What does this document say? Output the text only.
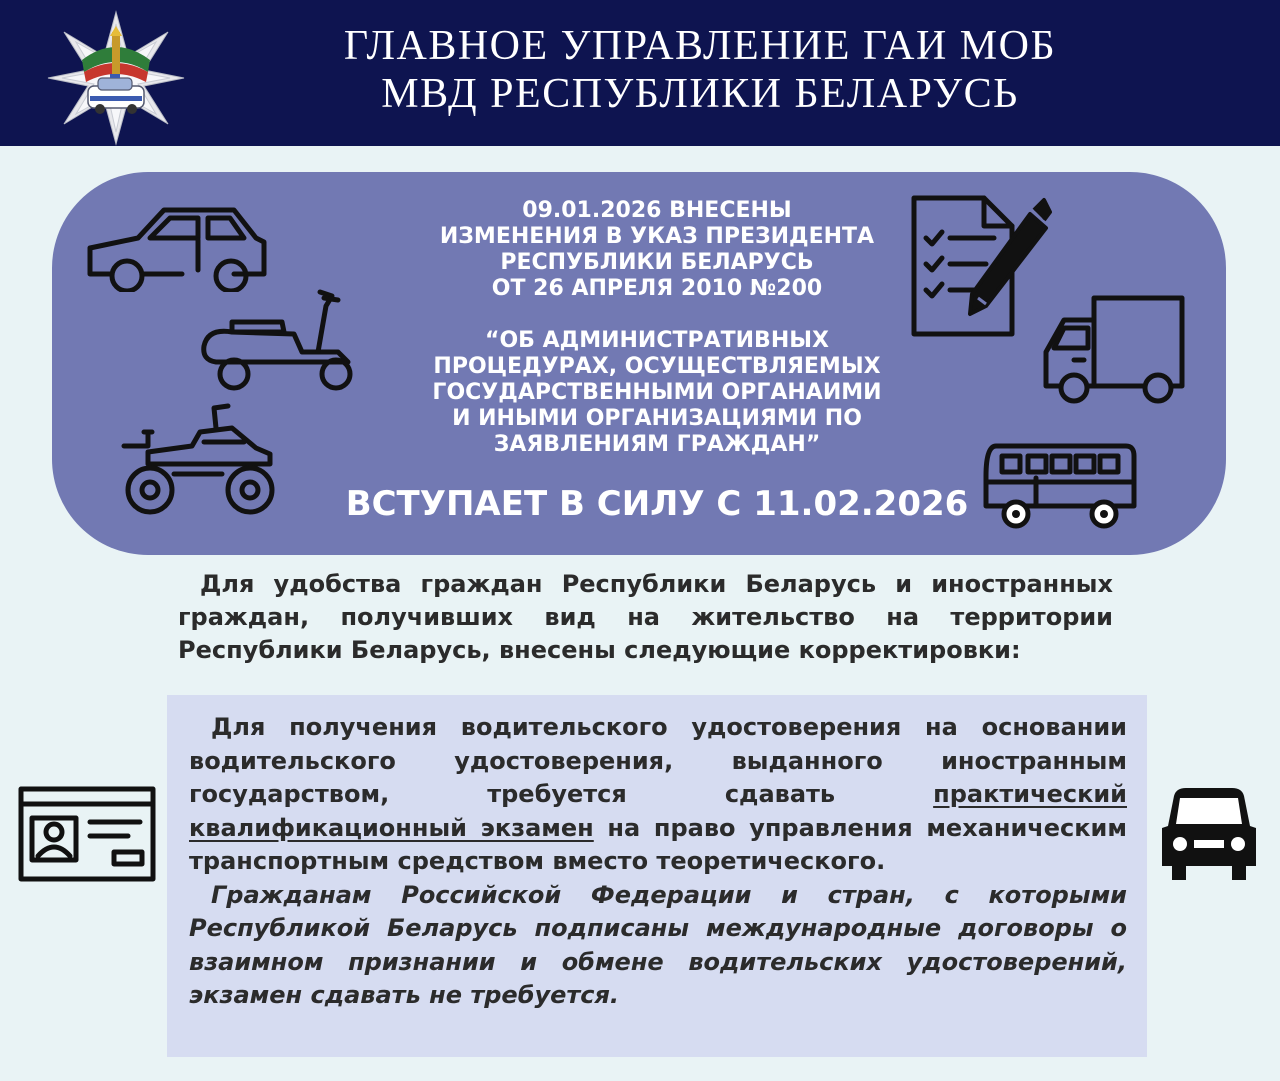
ГЛАВНОЕ УПРАВЛЕНИЕ ГАИ МОБ
МВД РЕСПУБЛИКИ БЕЛАРУСЬ
09.01.2026 ВНЕСЕНЫ
ИЗМЕНЕНИЯ В УКАЗ ПРЕЗИДЕНТА
РЕСПУБЛИКИ БЕЛАРУСЬ
ОТ 26 АПРЕЛЯ 2010 №200
“ОБ АДМИНИСТРАТИВНЫХ
ПРОЦЕДУРАХ, ОСУЩЕСТВЛЯЕМЫХ
ГОСУДАРСТВЕННЫМИ ОРГАНАИМИ
И ИНЫМИ ОРГАНИЗАЦИЯМИ ПО
ЗАЯВЛЕНИЯМ ГРАЖДАН”
ВСТУПАЕТ В СИЛУ С 11.02.2026

Для удобства граждан Республики Беларусь и иностранных граждан, получивших вид на жительство на территории Республики Беларусь, внесены следующие корректировки:

Для получения водительского удостоверения на основании водительского удостоверения, выданного иностранным государством, требуется сдавать практический квалификационный экзамен на право управления механическим транспортным средством вместо теоретического.

Гражданам Российской Федерации и стран, с которыми Республикой Беларусь подписаны международные договоры о взаимном признании и обмене водительских удостоверений, экзамен сдавать не требуется.
